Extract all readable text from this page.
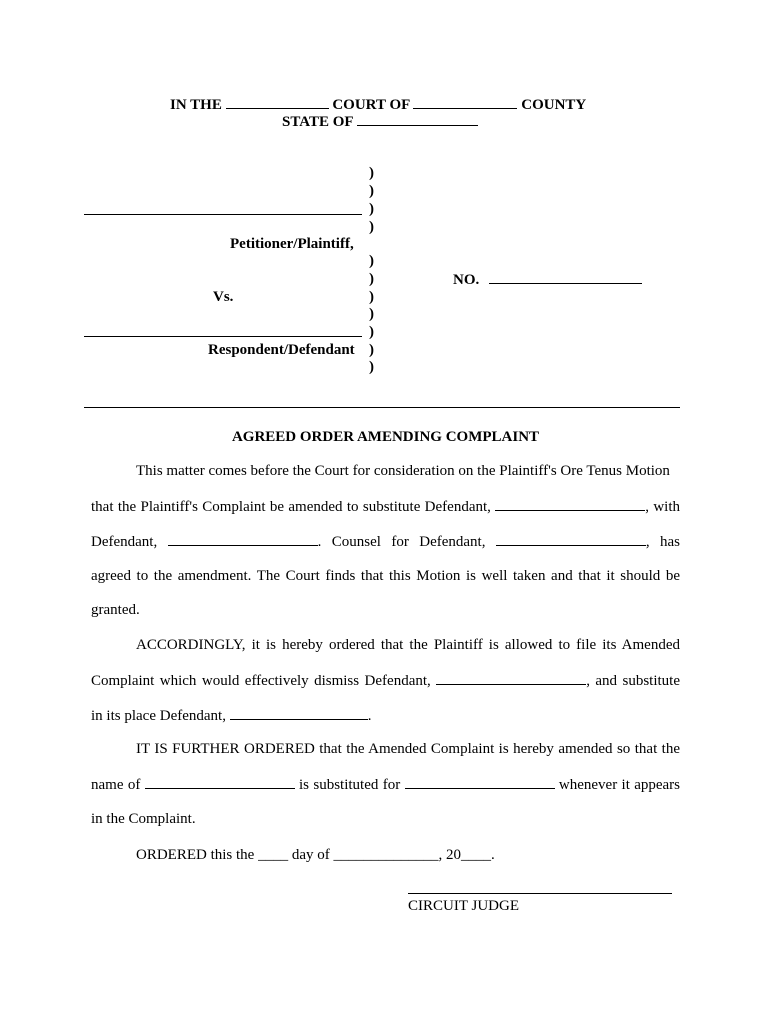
IN THE	COURT OF	COUNTY
STATE OF
)
)
)
)
)
)
)
)
)
)
)
Petitioner/Plaintiff,
Vs.
NO.
Respondent/Defendant
AGREED ORDER AMENDING COMPLAINT
This matter comes before the Court for consideration on the Plaintiff's Ore Tenus Motion
that the Plaintiff's Complaint be amended to substitute Defendant,	, with
Defendant,	. Counsel for Defendant,	, has
agreed to the amendment. The Court finds that this Motion is well taken and that it should be
granted.
ACCORDINGLY, it is hereby ordered that the Plaintiff is allowed to file its Amended
Complaint which would effectively dismiss Defendant,	, and substitute
in its place Defendant,	.
IT IS FURTHER ORDERED that the Amended Complaint is hereby amended so that the
name of	is substituted for	whenever it appears
in the Complaint.
ORDERED this the ____ day of ______________, 20____.
CIRCUIT JUDGE
